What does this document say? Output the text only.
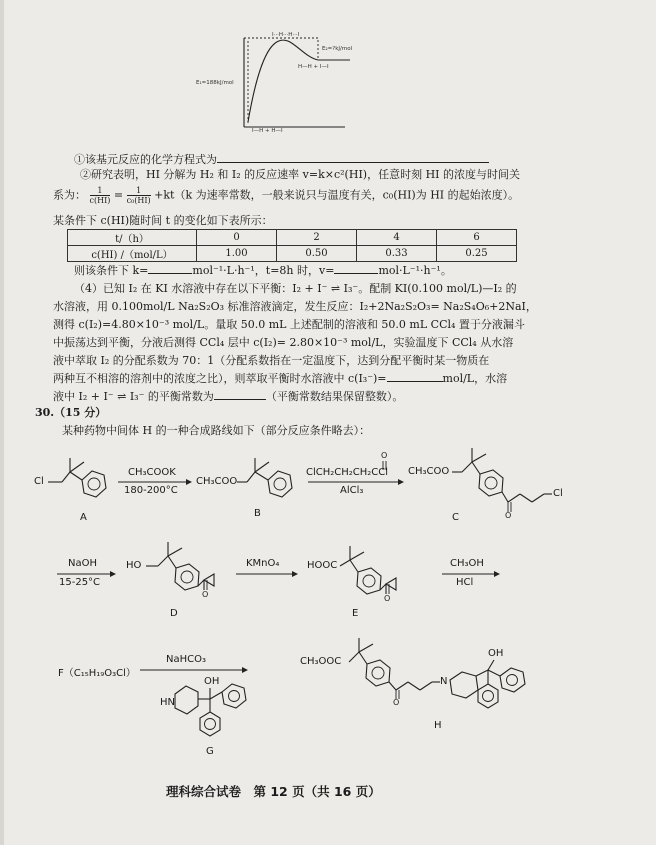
I···H···H···I
E₁=188kJ/mol
E₂=?kJ/mol
H—H + I—I
I—H + H—I
①该基元反应的化学方程式为
②研究表明，HI 分解为 H₂ 和 I₂ 的反应速率 v=k×c²(HI)，任意时刻 HI 的浓度与时间关
系为： $\frac{1}{c(HI)} = \frac{1}{\text{c₀(HI)}} +kt(k$ 为速率常数，一般来说只与温度有关，c₀(HI)为 HI 的起始浓度）。
某条件下 c(HI)随时间 t 的变化如下表所示：
t/（h）	0	2	4	6
c(HI) /（mol/L）	1.00	0.50	0.33	0.25
则该条件下 k=	mol⁻¹·L·h⁻¹，t=8h 时，v=	mol·L⁻¹·h⁻¹。
（4）已知 I₂ 在 KI 水溶液中存在以下平衡：I₂ + I⁻ ⇌ I₃⁻。配制 KI(0.100 mol/L)—I₂ 的
水溶液，用 0.100mol/L Na₂S₂O₃ 标准溶液滴定，发生反应：I₂+2Na₂S₂O₃= Na₂S₄O₆+2NaI，
测得 c(I₂)=4.80×10⁻³ mol/L。量取 50.0 mL 上述配制的溶液和 50.0 mL CCl₄ 置于分液漏斗
中振荡达到平衡，分液后测得 CCl₄ 层中 c(I₂)= 2.80×10⁻³ mol/L，实验温度下 CCl₄ 从水溶
液中萃取 I₂ 的分配系数为 70：1（分配系数指在一定温度下，达到分配平衡时某一物质在
两种互不相溶的溶剂中的浓度之比），则萃取平衡时水溶液中 c(I₃⁻)=	mol/L，水溶
液中 I₂ + I⁻ ⇌ I₃⁻ 的平衡常数为	（平衡常数结果保留整数）。
30.（15 分）
某种药物中间体 H 的一种合成路线如下（部分反应条件略去）：
Cl
A
CH₃COOK
180-200°C
CH₃COO
B
ClCH₂CH₂CH₂CCl
O
AlCl₃
CH₃COO
Cl
O
C
NaOH
15-25°C
HO
O
D
KMnO₄	HOOC
O
E
CH₃OH
HCl
F（C₁₅H₁₉O₃Cl）
NaHCO₃
HN
OH
G
CH₃OOC
N
OH
O
H
理科综合试卷　第 12 页（共 16 页）
